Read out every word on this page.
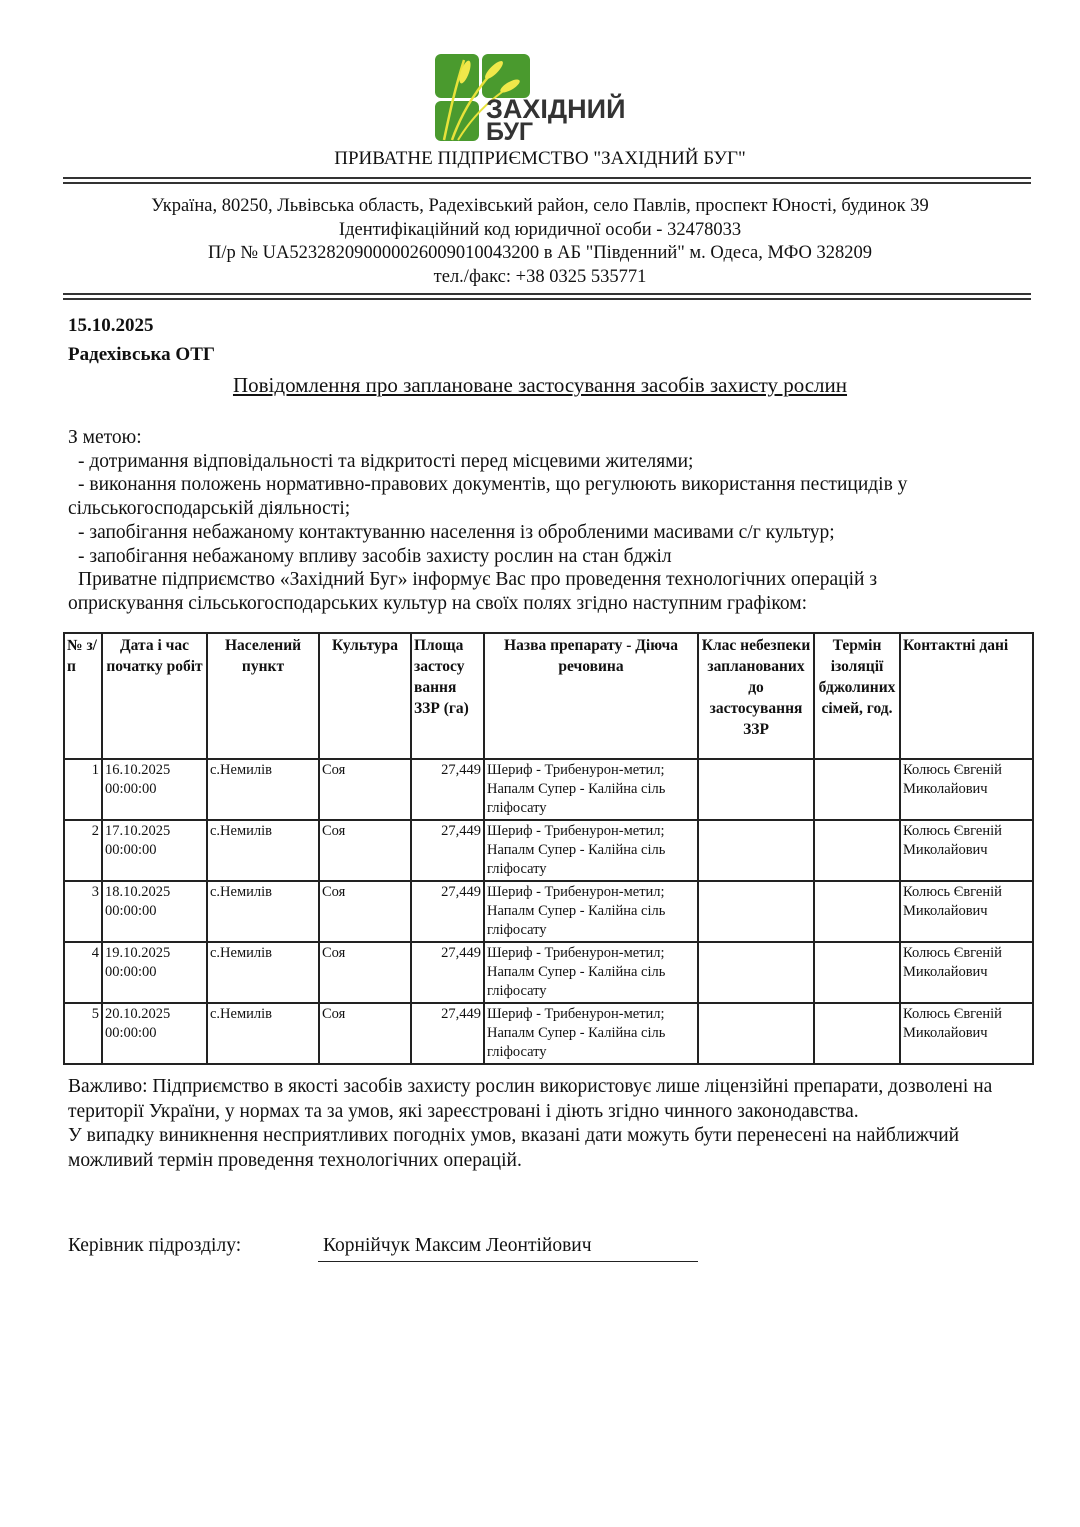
ЗАХІДНИЙ
БУГ
ПРИВАТНЕ ПІДПРИЄМСТВО "ЗАХІДНИЙ БУГ"
Україна, 80250, Львівська область, Радехівський район, село Павлів, проспект Юності, будинок 39
Ідентифікаційний код юридичної особи - 32478033
П/р № UA523282090000026009010043200 в АБ "Південний" м. Одеса, МФО 328209
тел./факс: +38 0325 535771
15.10.2025
Радехівська ОТГ
Повідомлення про заплановане застосування засобів захисту рослин

З метою:

- дотримання відповідальності та відкритості перед місцевими жителями;

- виконання положень нормативно-правових документів, що регулюють використання пестицидів у

сільськогосподарській діяльності;

- запобігання небажаному контактуванню населення із обробленими масивами с/г культур;

- запобігання небажаному впливу засобів захисту рослин на стан бджіл

Приватне підприємство «Західний Буг» інформує Вас про проведення технологічних операцій з

оприскування сільськогосподарських культур на своїх полях згідно наступним графіком:

№ з/п	Дата і час початку робіт	Населений пункт	Культура	Площа застосу вання ЗЗР (га)	Назва препарату - Діюча речовина	Клас небезпеки запланованих до застосування ЗЗР	Термін ізоляції бджолиних сімей, год.	Контактні дані
1	16.10.2025 00:00:00	с.Немилів	Соя	27,449	Шериф - Трибенурон-метил; Напалм Супер - Калійна сіль гліфосату			Колюсь Євгеній Миколайович
2	17.10.2025 00:00:00	с.Немилів	Соя	27,449	Шериф - Трибенурон-метил; Напалм Супер - Калійна сіль гліфосату			Колюсь Євгеній Миколайович
3	18.10.2025 00:00:00	с.Немилів	Соя	27,449	Шериф - Трибенурон-метил; Напалм Супер - Калійна сіль гліфосату			Колюсь Євгеній Миколайович
4	19.10.2025 00:00:00	с.Немилів	Соя	27,449	Шериф - Трибенурон-метил; Напалм Супер - Калійна сіль гліфосату			Колюсь Євгеній Миколайович
5	20.10.2025 00:00:00	с.Немилів	Соя	27,449	Шериф - Трибенурон-метил; Напалм Супер - Калійна сіль гліфосату			Колюсь Євгеній Миколайович

Важливо: Підприємство в якості засобів захисту рослин використовує лише ліцензійні препарати, дозволені на території України, у нормах та за умов, які зареєстровані і діють згідно чинного законодавства.

У випадку виникнення несприятливих погодніх умов, вказані дати можуть бути перенесені на найближчий можливий термін проведення технологічних операцій.

Керівник підрозділу:	Корнійчук Максим Леонтійович
